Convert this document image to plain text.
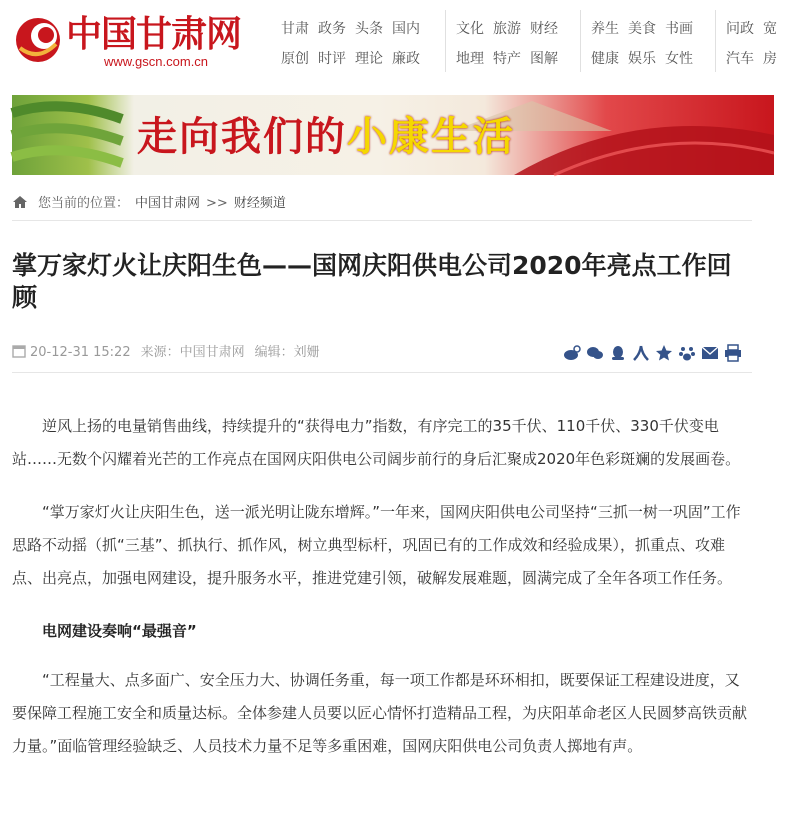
中国甘肃网
www.gscn.com.cn
甘肃 政务 头条 国内
原创 时评 理论 廉政
文化 旅游 财经
地理 特产 图解
养生 美食 书画
健康 娱乐 女性
问政 宽
汽车 房
走向我们的小康生活
您当前的位置： 中国甘肃网 >> 财经频道
掌万家灯火让庆阳生色——国网庆阳供电公司2020年亮点工作回顾
20-12-31 15:22 来源：中国甘肃网 编辑：刘姗

逆风上扬的电量销售曲线，持续提升的“获得电力”指数，有序完工的35千伏、110千伏、330千伏变电站……无数个闪耀着光芒的工作亮点在国网庆阳供电公司阔步前行的身后汇聚成2020年色彩斑斓的发展画卷。

“掌万家灯火让庆阳生色，送一派光明让陇东增辉。”一年来，国网庆阳供电公司坚持“三抓一树一巩固”工作思路不动摇（抓“三基”、抓执行、抓作风，树立典型标杆，巩固已有的工作成效和经验成果），抓重点、攻难点、出亮点，加强电网建设，提升服务水平，推进党建引领，破解发展难题，圆满完成了全年各项工作任务。

电网建设奏响“最强音”

“工程量大、点多面广、安全压力大、协调任务重，每一项工作都是环环相扣，既要保证工程建设进度，又要保障工程施工安全和质量达标。全体参建人员要以匠心情怀打造精品工程，为庆阳革命老区人民圆梦高铁贡献力量。”面临管理经验缺乏、人员技术力量不足等多重困难，国网庆阳供电公司负责人掷地有声。
